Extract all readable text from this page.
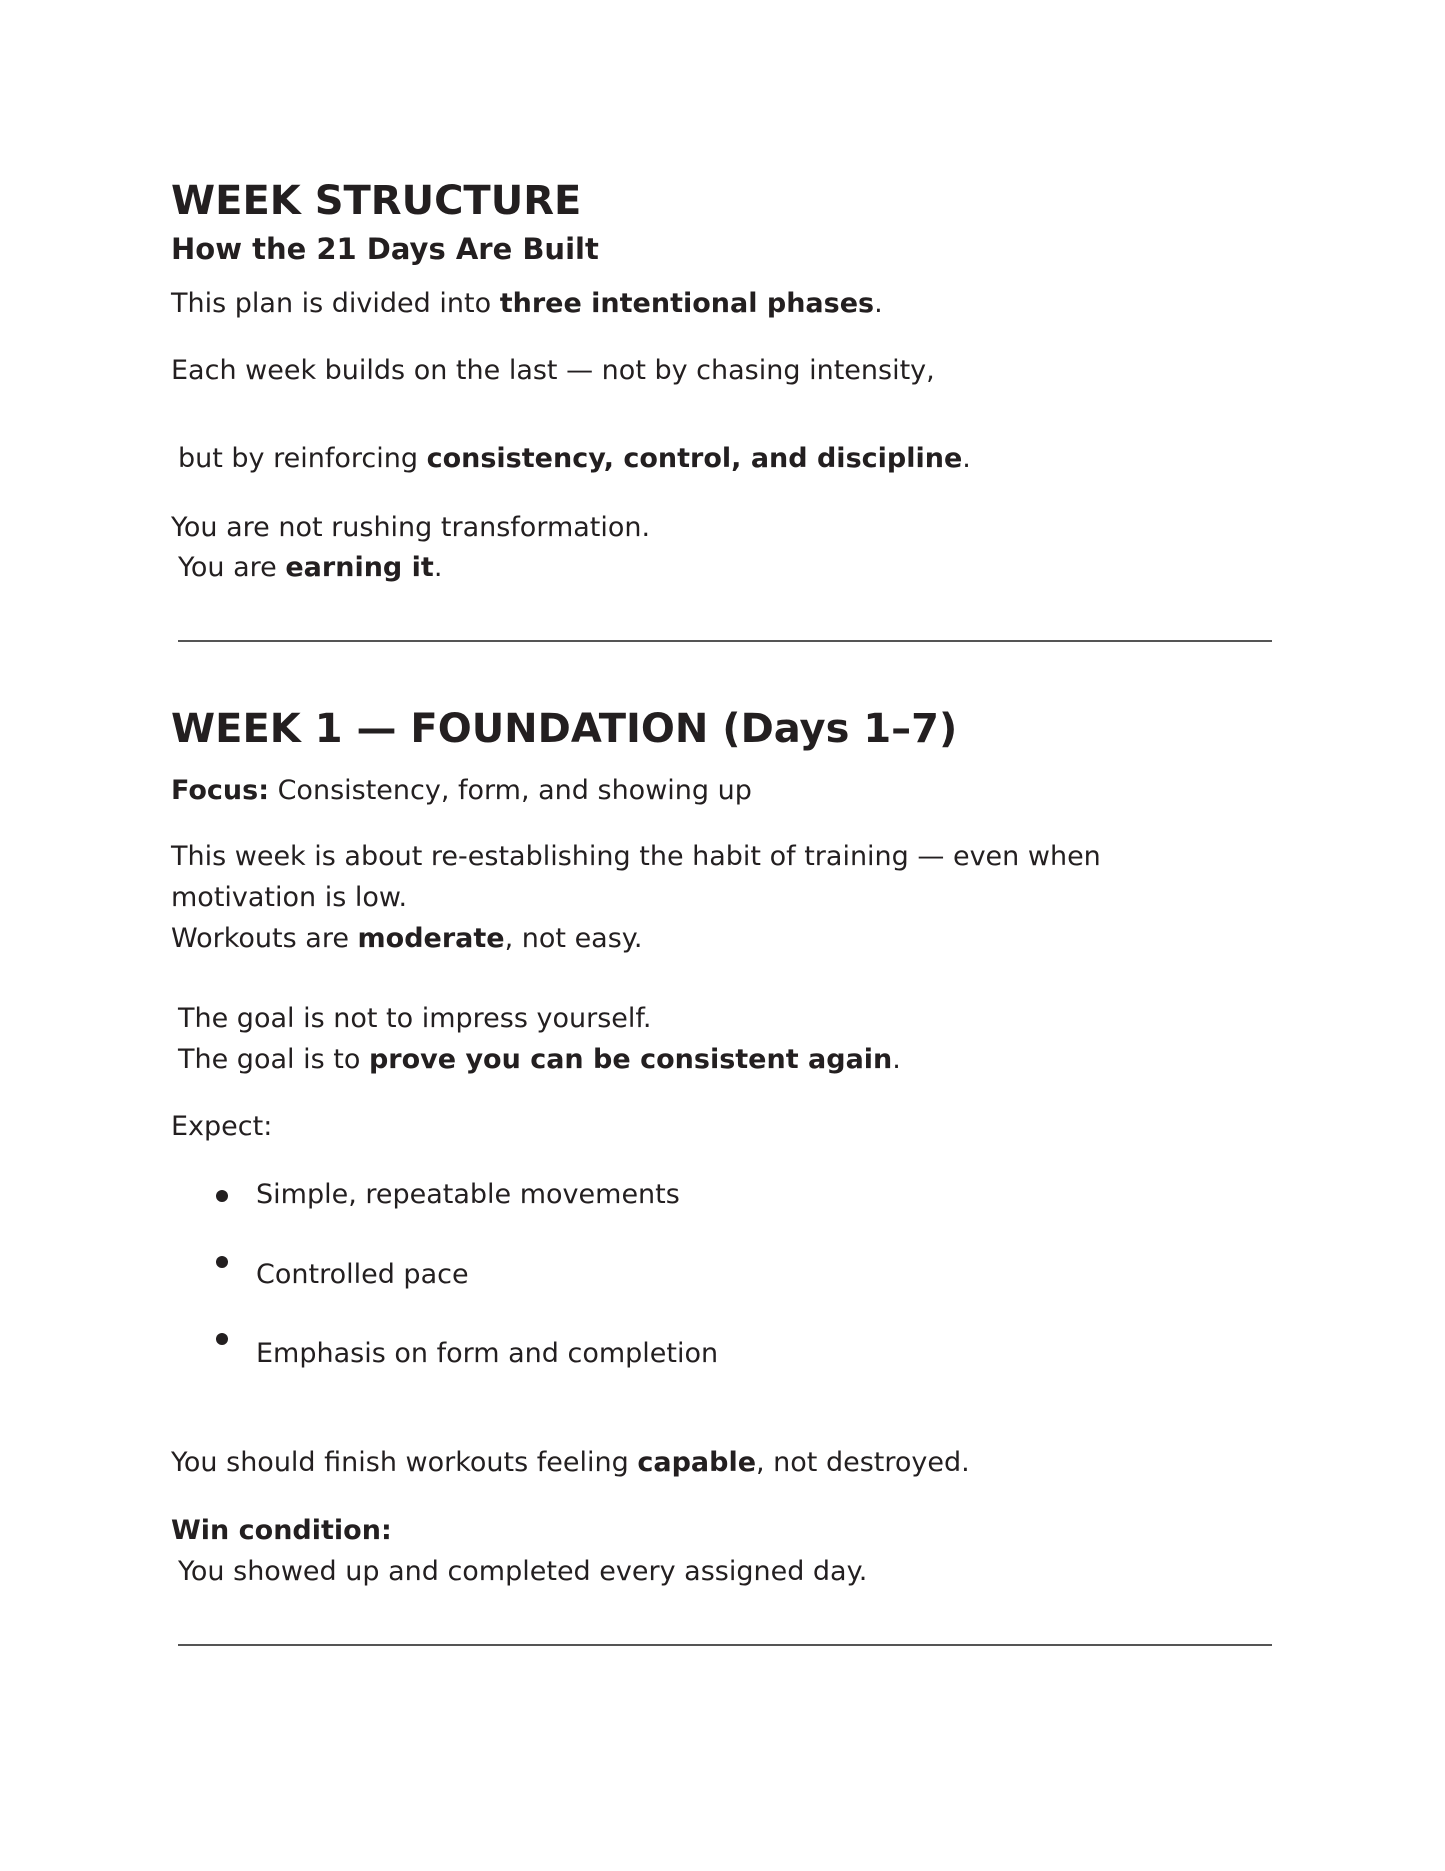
WEEK STRUCTURE
How the 21 Days Are Built

This plan is divided into three intentional phases.

Each week builds on the last — not by chasing intensity,

but by reinforcing consistency, control, and discipline.

You are not rushing transformation.

You are earning it.

WEEK 1 — FOUNDATION (Days 1–7)

Focus: Consistency, form, and showing up

This week is about re-establishing the habit of training — even when

motivation is low.

Workouts are moderate, not easy.

The goal is not to impress yourself.

The goal is to prove you can be consistent again.

Expect:

Simple, repeatable movements

Controlled pace

Emphasis on form and completion

You should finish workouts feeling capable, not destroyed.

Win condition:

You showed up and completed every assigned day.
